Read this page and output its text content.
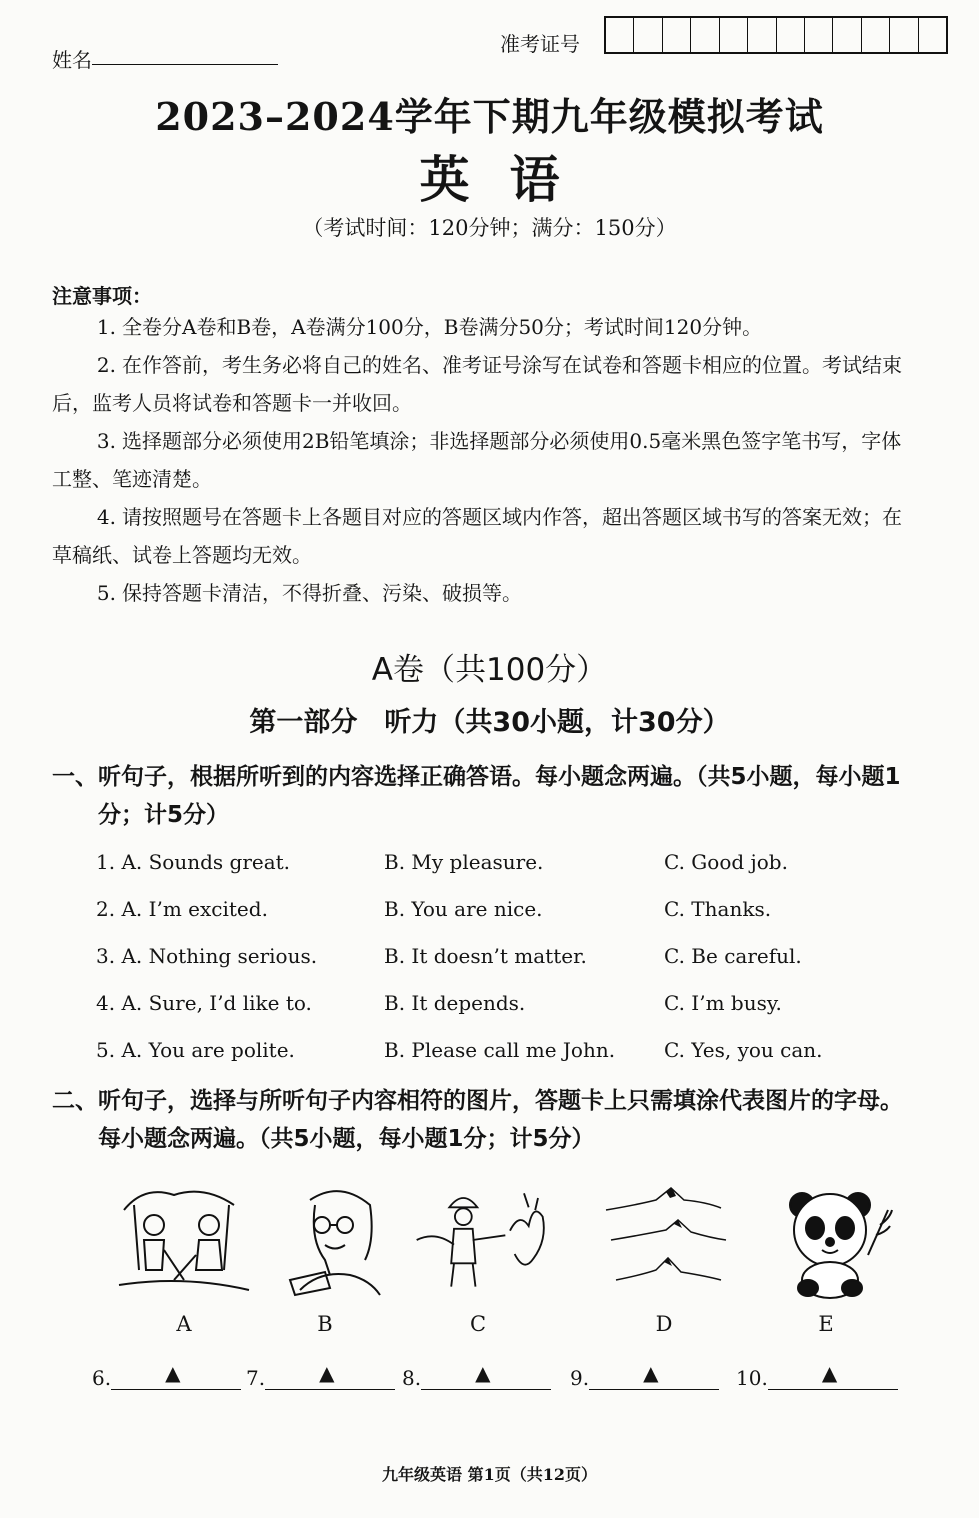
姓名
准考证号
2023–2024学年下期九年级模拟考试
英语
（考试时间：120分钟；满分：150分）
注意事项：
1. 全卷分A卷和B卷，A卷满分100分，B卷满分50分；考试时间120分钟。
2. 在作答前，考生务必将自己的姓名、准考证号涂写在试卷和答题卡相应的位置。考试结束
后，监考人员将试卷和答题卡一并收回。
3. 选择题部分必须使用2B铅笔填涂；非选择题部分必须使用0.5毫米黑色签字笔书写，字体
工整、笔迹清楚。
4. 请按照题号在答题卡上各题目对应的答题区域内作答，超出答题区域书写的答案无效；在
草稿纸、试卷上答题均无效。
5. 保持答题卡清洁，不得折叠、污染、破损等。
A卷（共100分）
第一部分　听力（共30小题，计30分）
一、听句子，根据所听到的内容选择正确答语。每小题念两遍。（共5小题，每小题1
分；计5分）
1. A. Sounds great.	B. My pleasure.	C. Good job.
2. A. I’m excited.	B. You are nice.	C. Thanks.
3. A. Nothing serious.	B. It doesn’t matter.	C. Be careful.
4. A. Sure, I’d like to.	B. It depends.	C. I’m busy.
5. A. You are polite.	B. Please call me John. C. Yes, you can.
二、听句子，选择与所听句子内容相符的图片，答题卡上只需填涂代表图片的字母。
每小题念两遍。（共5小题，每小题1分；计5分）
A	B	C	D	E
6.	▲	7.	▲	8.	▲	9.	▲	10.	▲
九年级英语 第1页（共12页）
